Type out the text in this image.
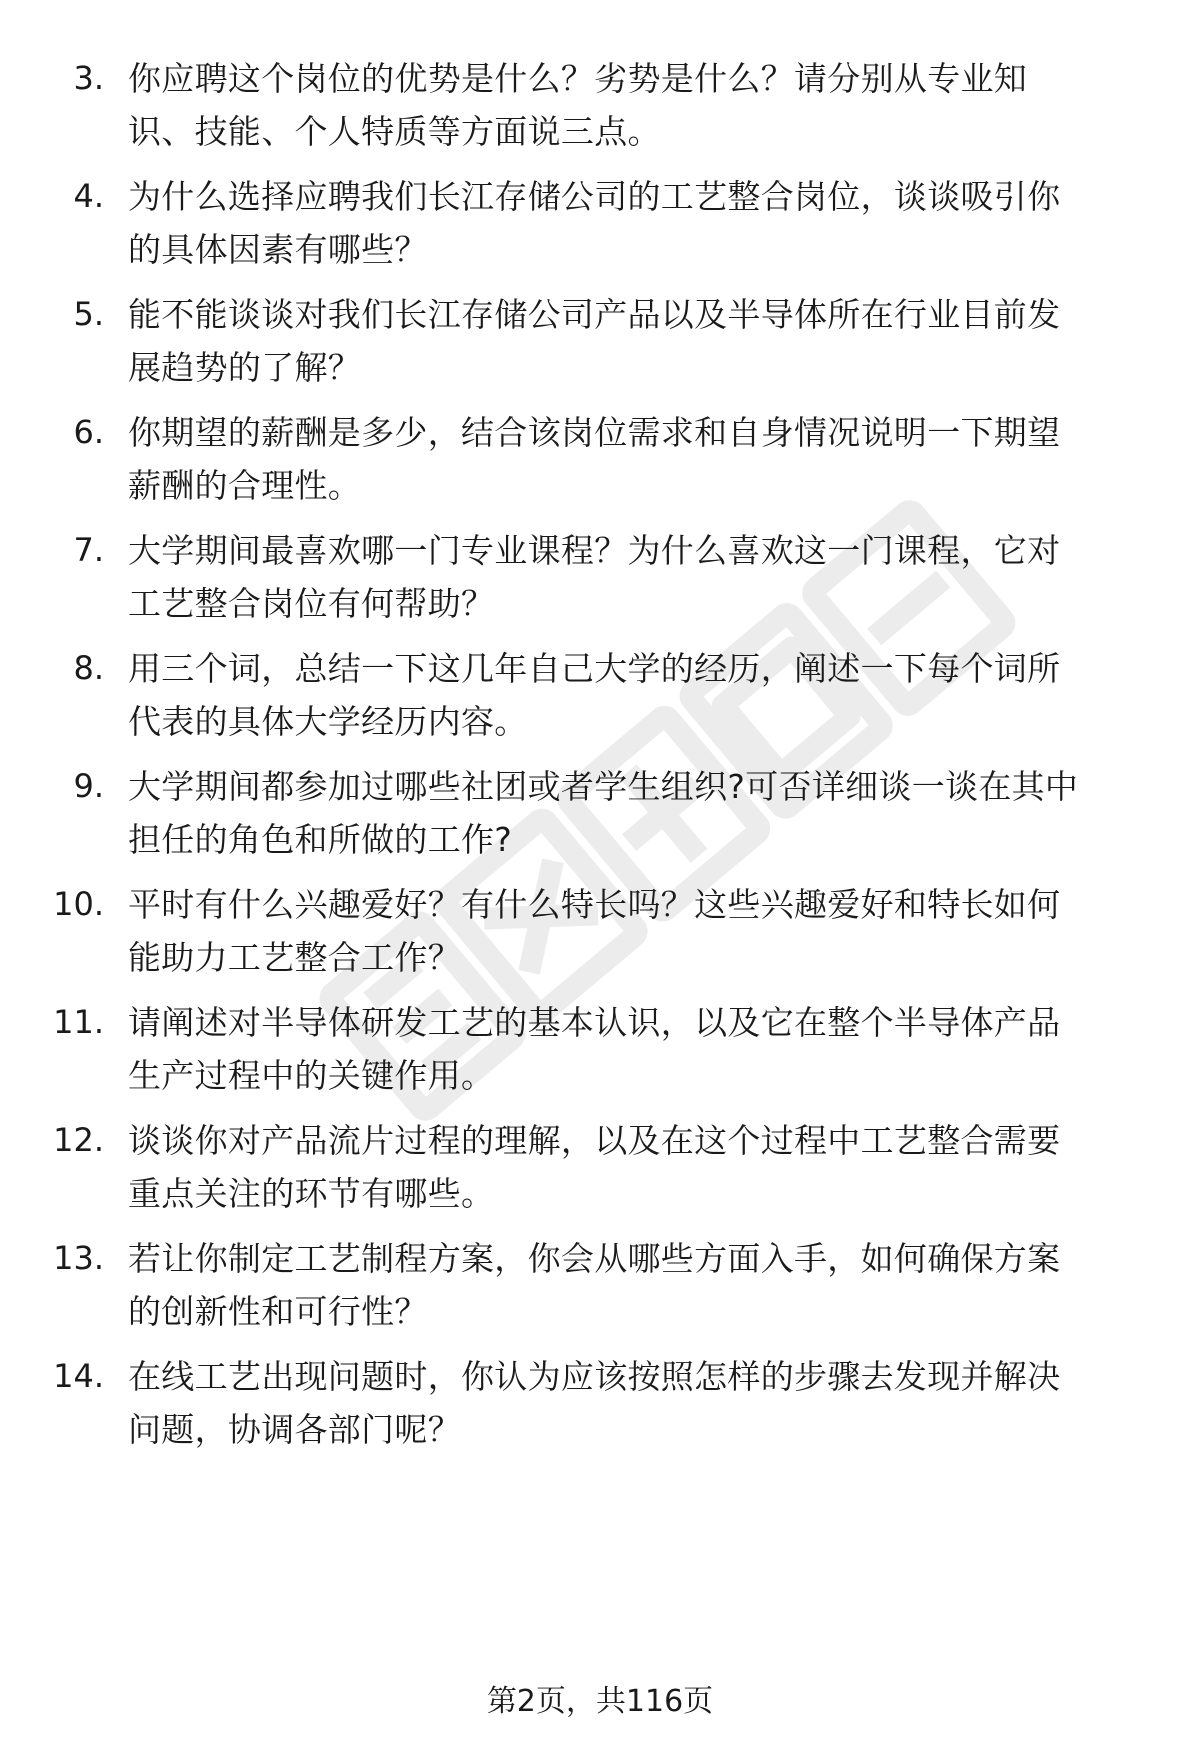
3. 你应聘这个岗位的优势是什么？劣势是什么？请分别从专业知
识、技能、个人特质等方面说三点。
4. 为什么选择应聘我们长江存储公司的工艺整合岗位，谈谈吸引你
的具体因素有哪些？
5. 能不能谈谈对我们长江存储公司产品以及半导体所在行业目前发
展趋势的了解？
6. 你期望的薪酬是多少，结合该岗位需求和自身情况说明一下期望
薪酬的合理性。
7. 大学期间最喜欢哪一门专业课程？为什么喜欢这一门课程，它对
工艺整合岗位有何帮助？
8. 用三个词，总结一下这几年自己大学的经历，阐述一下每个词所
代表的具体大学经历内容。
9. 大学期间都参加过哪些社团或者学生组织?可否详细谈一谈在其中
担任的角色和所做的工作?
10. 平时有什么兴趣爱好？有什么特长吗？这些兴趣爱好和特长如何
能助力工艺整合工作？
11. 请阐述对半导体研发工艺的基本认识，以及它在整个半导体产品
生产过程中的关键作用。
12. 谈谈你对产品流片过程的理解，以及在这个过程中工艺整合需要
重点关注的环节有哪些。
13. 若让你制定工艺制程方案，你会从哪些方面入手，如何确保方案
的创新性和可行性？
14. 在线工艺出现问题时，你认为应该按照怎样的步骤去发现并解决
问题，协调各部门呢？
第2页，共116页
